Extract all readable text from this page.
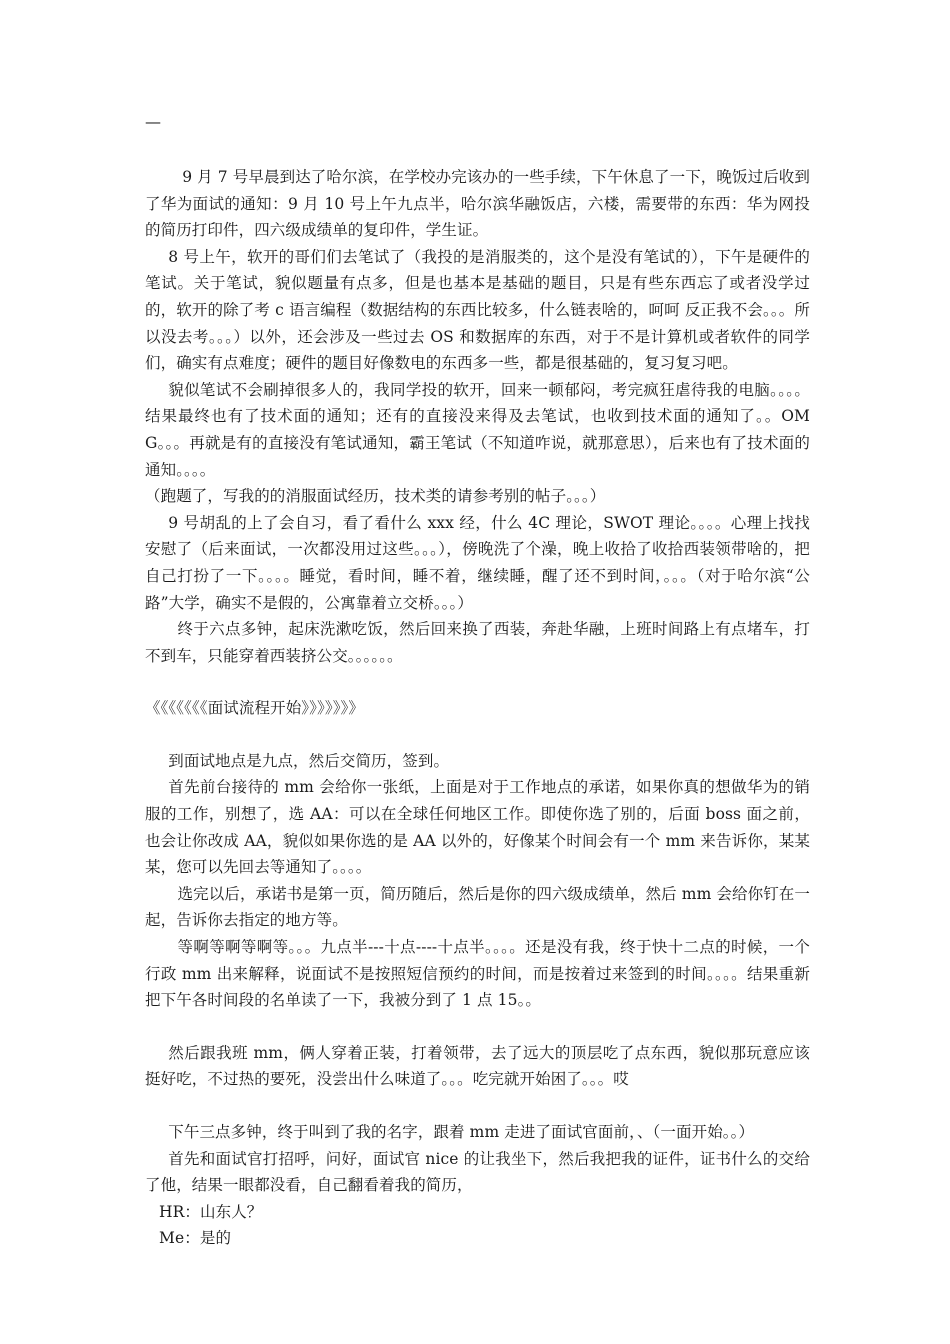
—

9 月 7 号早晨到达了哈尔滨，在学校办完该办的一些手续，下午休息了一下，晚饭过后收到了华为面试的通知：9 月 10 号上午九点半，哈尔滨华融饭店，六楼，需要带的东西：华为网投的简历打印件，四六级成绩单的复印件，学生证。

8 号上午，软开的哥们们去笔试了（我投的是消服类的，这个是没有笔试的），下午是硬件的笔试。关于笔试，貌似题量有点多，但是也基本是基础的题目，只是有些东西忘了或者没学过的，软开的除了考 c 语言编程（数据结构的东西比较多，什么链表啥的，呵呵 反正我不会。。。所以没去考。。。）以外，还会涉及一些过去 OS 和数据库的东西，对于不是计算机或者软件的同学们，确实有点难度；硬件的题目好像数电的东西多一些，都是很基础的，复习复习吧。

貌似笔试不会刷掉很多人的，我同学投的软开，回来一顿郁闷，考完疯狂虐待我的电脑。。。。结果最终也有了技术面的通知；还有的直接没来得及去笔试，也收到技术面的通知了。。OMG。。。再就是有的直接没有笔试通知，霸王笔试（不知道咋说，就那意思），后来也有了技术面的通知。。。。

（跑题了，写我的的消服面试经历，技术类的请参考别的帖子。。。）

9 号胡乱的上了会自习，看了看什么 xxx 经，什么 4C 理论，SWOT 理论。。。。心理上找找安慰了（后来面试，一次都没用过这些。。。），傍晚洗了个澡，晚上收拾了收拾西装领带啥的，把自己打扮了一下。。。。睡觉，看时间，睡不着，继续睡，醒了还不到时间，。。。（对于哈尔滨“公路”大学，确实不是假的，公寓靠着立交桥。。。）

终于六点多钟，起床洗漱吃饭，然后回来换了西装，奔赴华融，上班时间路上有点堵车，打不到车，只能穿着西装挤公交。。。。。。

《《《《《《《面试流程开始》》》》》》》

到面试地点是九点，然后交简历，签到。

首先前台接待的 mm 会给你一张纸，上面是对于工作地点的承诺，如果你真的想做华为的销服的工作，别想了，选 AA：可以在全球任何地区工作。即使你选了别的，后面 boss 面之前，也会让你改成 AA，貌似如果你选的是 AA 以外的，好像某个时间会有一个 mm 来告诉你，某某某，您可以先回去等通知了。。。。

选完以后，承诺书是第一页，简历随后，然后是你的四六级成绩单，然后 mm 会给你钉在一起，告诉你去指定的地方等。

等啊等啊等啊等。。。九点半---十点----十点半。。。。还是没有我，终于快十二点的时候，一个行政 mm 出来解释，说面试不是按照短信预约的时间，而是按着过来签到的时间。。。。结果重新把下午各时间段的名单读了一下，我被分到了 1 点 15。。

然后跟我班 mm，俩人穿着正装，打着领带，去了远大的顶层吃了点东西，貌似那玩意应该挺好吃，不过热的要死，没尝出什么味道了。。。吃完就开始困了。。。哎

下午三点多钟，终于叫到了我的名字，跟着 mm 走进了面试官面前，、（一面开始。。）

首先和面试官打招呼，问好，面试官 nice 的让我坐下，然后我把我的证件，证书什么的交给了他，结果一眼都没看，自己翻看着我的简历，

HR：山东人？

Me：是的
